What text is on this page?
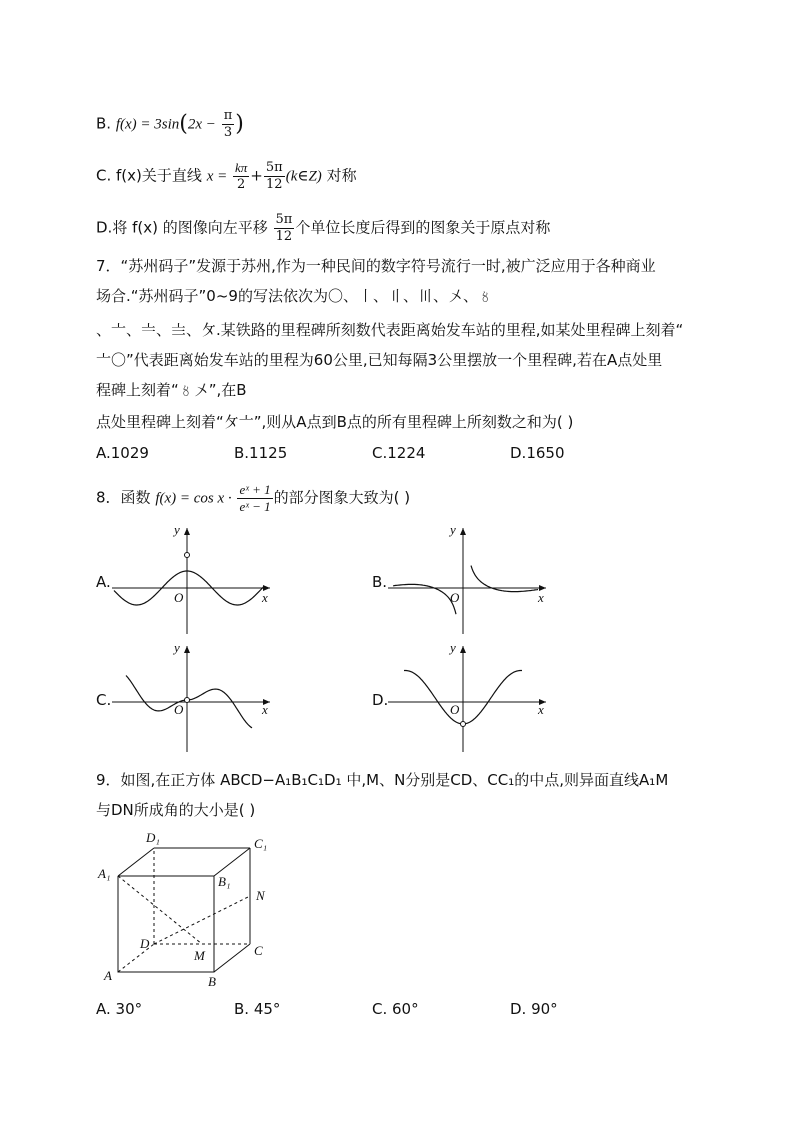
B. $f(x) = 3\sin(2x - \frac{\pi}{3}$ )
C. f(x)关于直线 $x = \frac{k\pi}{2} + \frac{5\pi}{12}$ (k∈Z) 对称
D.将 f(x) 的图像向左平移 $\frac{5\pi}{12}$ 个单位长度后得到的图象关于原点对称
7．“苏州码子”发源于苏州,作为一种民间的数字符号流行一时,被广泛应用于各种商业
场合.“苏州码子”0~9的写法依次为〇、〡、〢、〣、〤、〥
、〦、〧、〨、〩.某铁路的里程碑所刻数代表距离始发车站的里程,如某处里程碑上刻着“
〦〇”代表距离始发车站的里程为60公里,已知每隔3公里摆放一个里程碑,若在A点处里
程碑上刻着“〥〤”,在B
点处里程碑上刻着“〩〦”,则从A点到B点的所有里程碑上所刻数之和为( )
A.1029	B.1125	C.1224	D.1650
8．函数 $f(x) = \cos x \cdot \frac{\text{eˣ + 1}}{\text{eˣ − 1}}$ 的部分图象大致为( )
A.
y
x
O
B.
y
x
O
C.
y
x
O
D.
y
x
O
9．如图,在正方体 ABCD−A₁B₁C₁D₁ 中,M、N分别是CD、CC₁的中点,则异面直线A₁M
与DN所成角的大小是( )
A₁
D₁	C₁
B₁
N
D
M	C
A	B
A. 30°	B. 45°	C. 60°	D. 90°
